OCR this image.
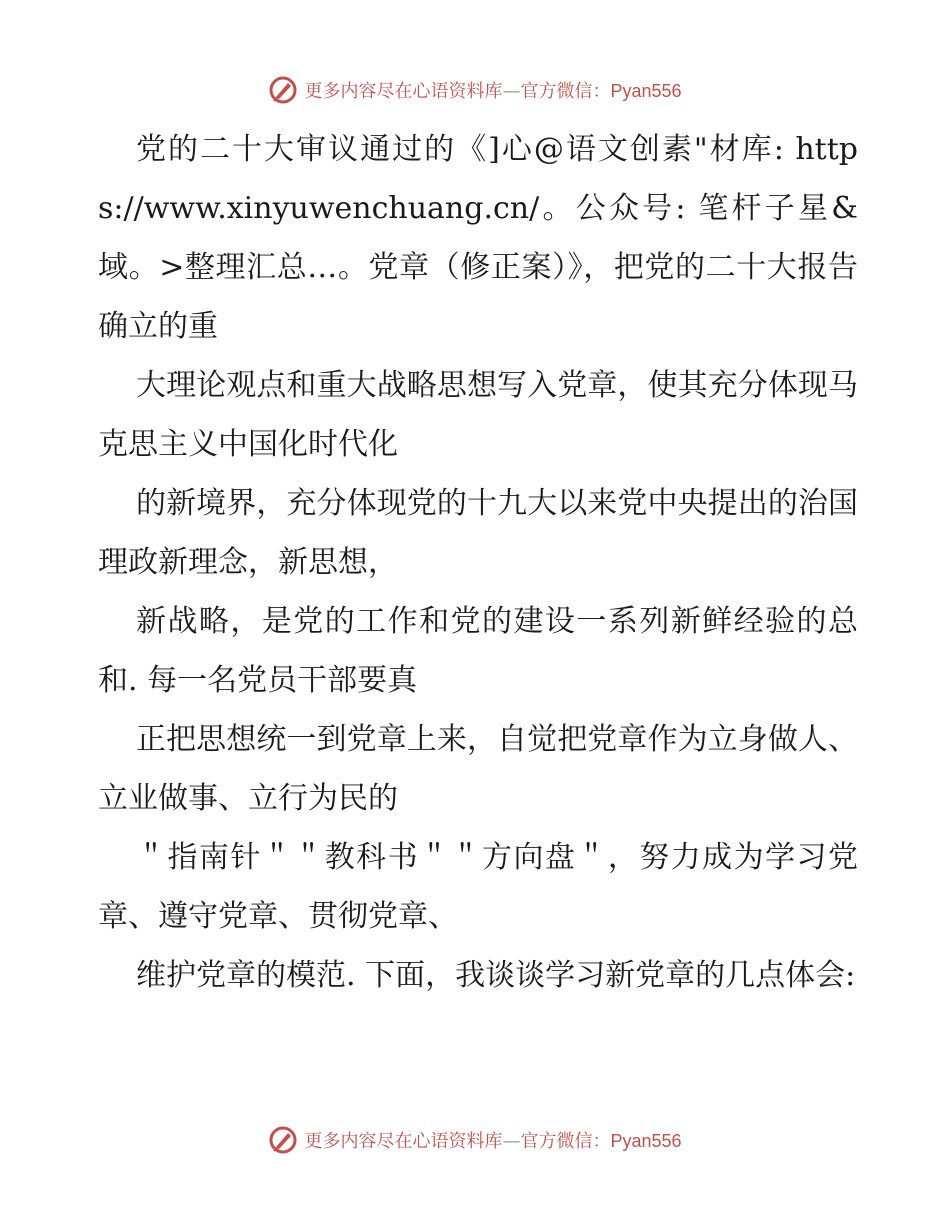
更多内容尽在心语资料库—官方微信：Pyan556

党的二十大审议通过的《]心@语文创素"材库: https://www.xinyuwenchuang.cn/。公众号: 笔杆子星&域。>整理汇总…。党章（修正案）》，把党的二十大报告确立的重

大理论观点和重大战略思想写入党章，使其充分体现马克思主义中国化时代化

的新境界，充分体现党的十九大以来党中央提出的治国理政新理念，新思想，

新战略，是党的工作和党的建设一系列新鲜经验的总和. 每一名党员干部要真

正把思想统一到党章上来，自觉把党章作为立身做人、立业做事、立行为民的

＂指南针＂＂教科书＂＂方向盘＂，努力成为学习党章、遵守党章、贯彻党章、

维护党章的模范. 下面，我谈谈学习新党章的几点体会:

更多内容尽在心语资料库—官方微信：Pyan556
